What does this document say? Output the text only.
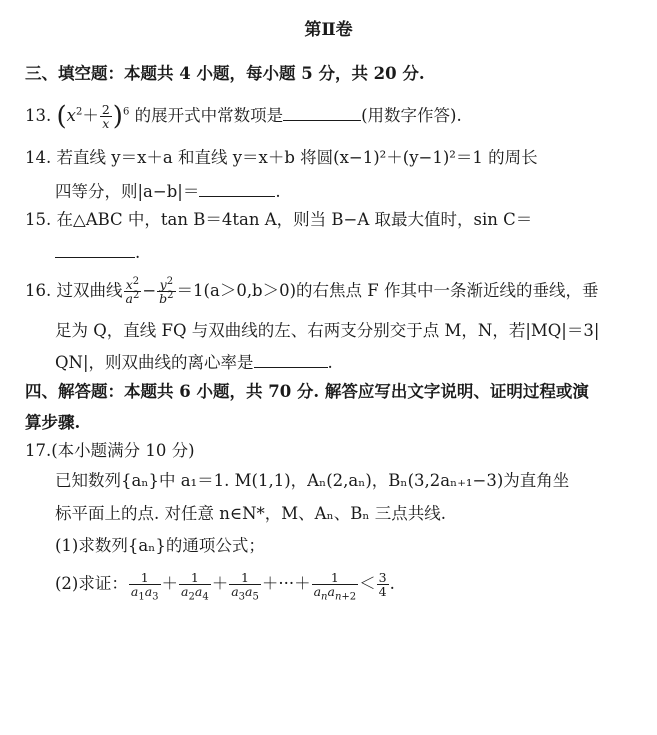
第Ⅱ卷
三、填空题：本题共 4 小题，每小题 5 分，共 20 分.
13. $(x^2+ \frac{2}{x} )^6$ 的展开式中常数项是	(用数字作答).
14. 若直线 y＝x＋a 和直线 y＝x＋b 将圆(x−1)²＋(y−1)²＝1 的周长
四等分，则|a−b|＝	.
15. 在△ABC 中，tan B＝4tan A，则当 B−A 取最大值时，sin C＝
.
16. 过双曲线 $\frac{x^2}{a^2} - \frac{y^2}{b^2} =1(a>0,b>0)$的右焦点 F 作其中一条渐近线的垂线，垂
足为 Q，直线 FQ 与双曲线的左、右两支分别交于点 M，N，若|MQ|＝3|
QN|，则双曲线的离心率是	.
四、解答题：本题共 6 小题，共 70 分. 解答应写出文字说明、证明过程或演
算步骤.
17.(本小题满分 10 分)
已知数列{aₙ}中 a₁＝1. M(1,1)，Aₙ(2,aₙ)，Bₙ(3,2aₙ₊₁−3)为直角坐
标平面上的点. 对任意 n∈N*，M、Aₙ、Bₙ 三点共线.
(1)求数列{aₙ}的通项公式；
(2)求证： $\frac{1}{a_1a_3} + \frac{1}{a_2a_4} + \frac{1}{a_3a_5}$ ＋···＋ $\frac{1}{a_na_{n+2}} < \frac{3}{4}$ .
